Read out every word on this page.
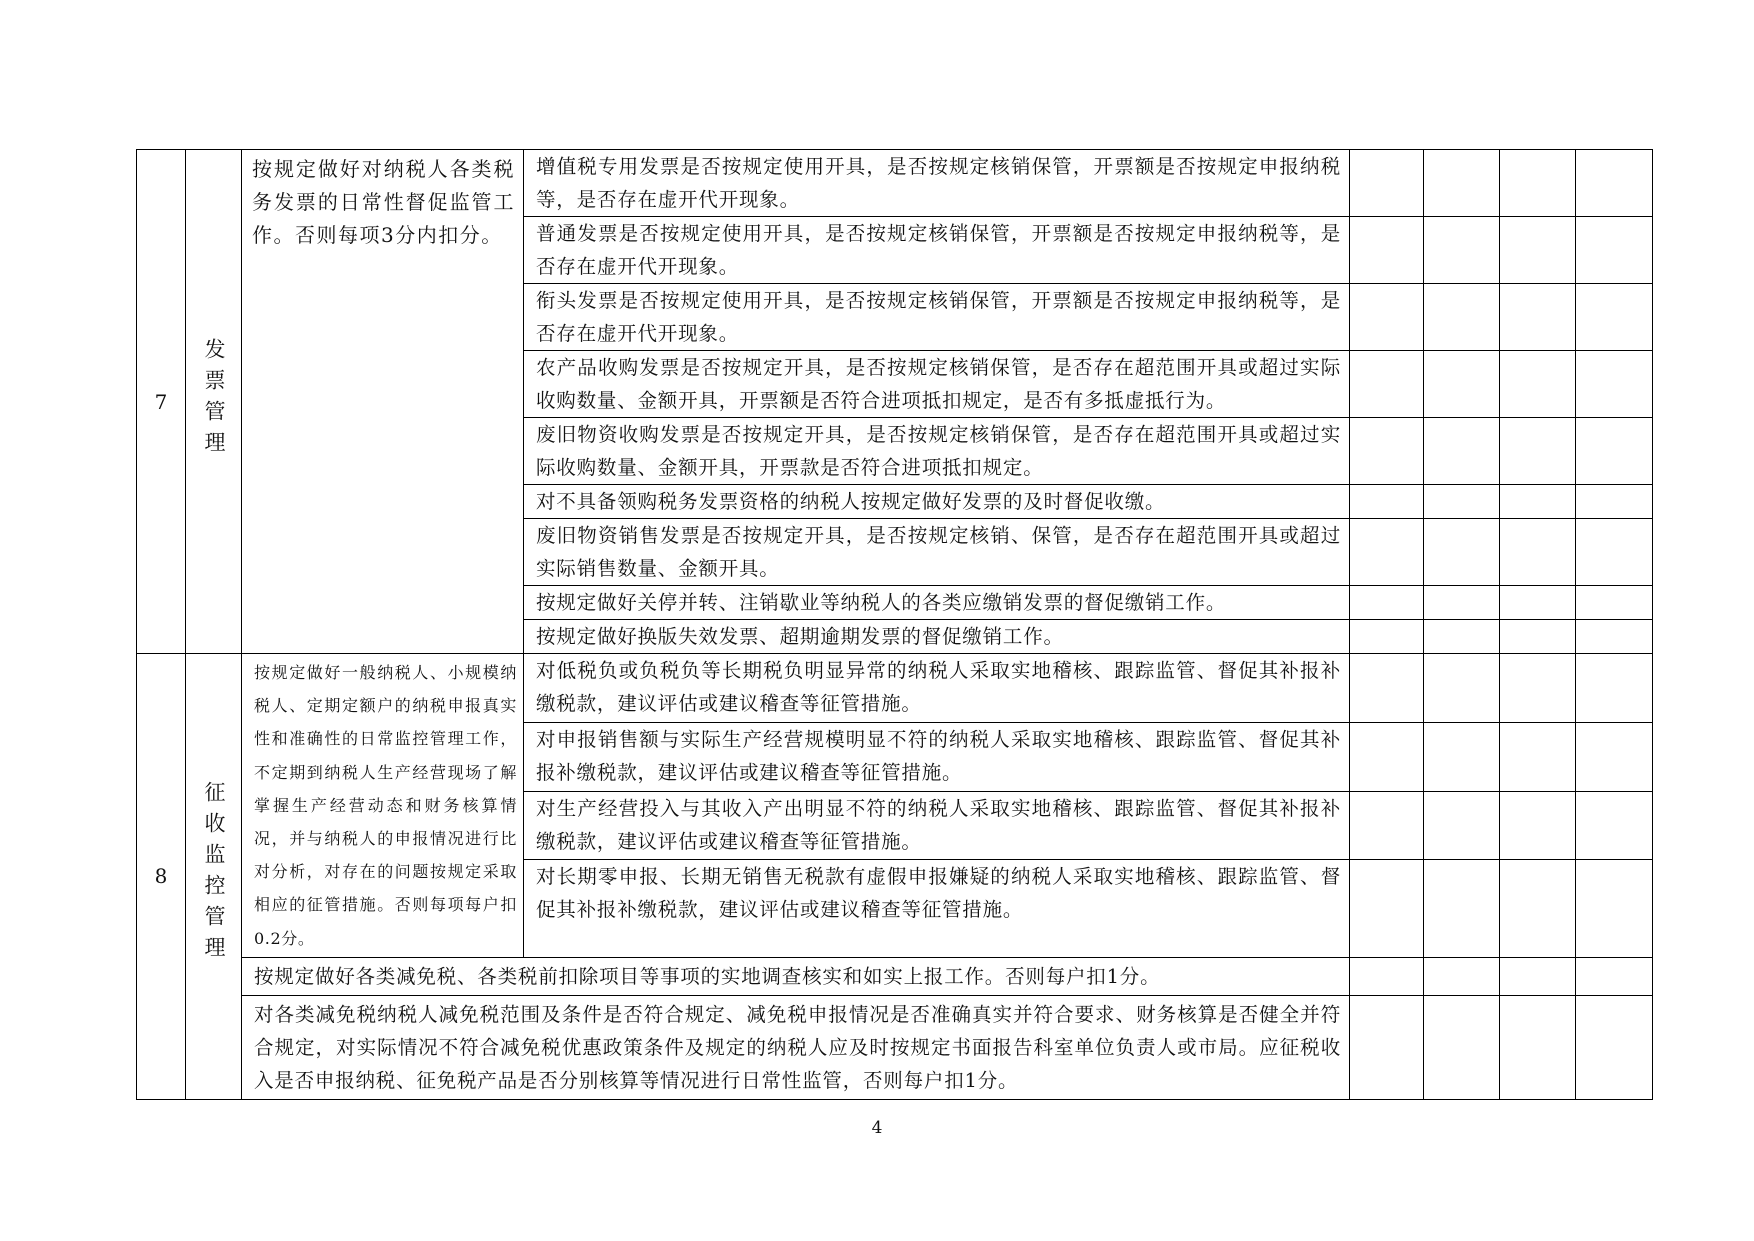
7	发票管理	按规定做好对纳税人各类税务发票的日常性督促监管工作。否则每项3分内扣分。	增值税专用发票是否按规定使用开具，是否按规定核销保管，开票额是否按规定申报纳税等，是否存在虚开代开现象。				
			普通发票是否按规定使用开具，是否按规定核销保管，开票额是否按规定申报纳税等，是否存在虚开代开现象。				
			衔头发票是否按规定使用开具，是否按规定核销保管，开票额是否按规定申报纳税等，是否存在虚开代开现象。				
			农产品收购发票是否按规定开具，是否按规定核销保管，是否存在超范围开具或超过实际收购数量、金额开具，开票额是否符合进项抵扣规定，是否有多抵虚抵行为。				
			废旧物资收购发票是否按规定开具，是否按规定核销保管，是否存在超范围开具或超过实际收购数量、金额开具，开票款是否符合进项抵扣规定。				
			对不具备领购税务发票资格的纳税人按规定做好发票的及时督促收缴。				
			废旧物资销售发票是否按规定开具，是否按规定核销、保管，是否存在超范围开具或超过实际销售数量、金额开具。				
			按规定做好关停并转、注销歇业等纳税人的各类应缴销发票的督促缴销工作。				
			按规定做好换版失效发票、超期逾期发票的督促缴销工作。				
8	征收监控管理	按规定做好一般纳税人、小规模纳税人、定期定额户的纳税申报真实性和准确性的日常监控管理工作，不定期到纳税人生产经营现场了解掌握生产经营动态和财务核算情况，并与纳税人的申报情况进行比对分析，对存在的问题按规定采取相应的征管措施。否则每项每户扣0.2分。	对低税负或负税负等长期税负明显异常的纳税人采取实地稽核、跟踪监管、督促其补报补缴税款，建议评估或建议稽查等征管措施。				
			对申报销售额与实际生产经营规模明显不符的纳税人采取实地稽核、跟踪监管、督促其补报补缴税款，建议评估或建议稽查等征管措施。				
			对生产经营投入与其收入产出明显不符的纳税人采取实地稽核、跟踪监管、督促其补报补缴税款，建议评估或建议稽查等征管措施。				
			对长期零申报、长期无销售无税款有虚假申报嫌疑的纳税人采取实地稽核、跟踪监管、督促其补报补缴税款，建议评估或建议稽查等征管措施。				
		按规定做好各类减免税、各类税前扣除项目等事项的实地调查核实和如实上报工作。否则每户扣1分。					
		对各类减免税纳税人减免税范围及条件是否符合规定、减免税申报情况是否准确真实并符合要求、财务核算是否健全并符合规定，对实际情况不符合减免税优惠政策条件及规定的纳税人应及时按规定书面报告科室单位负责人或市局。应征税收入是否申报纳税、征免税产品是否分别核算等情况进行日常性监管，否则每户扣1分。					
4
